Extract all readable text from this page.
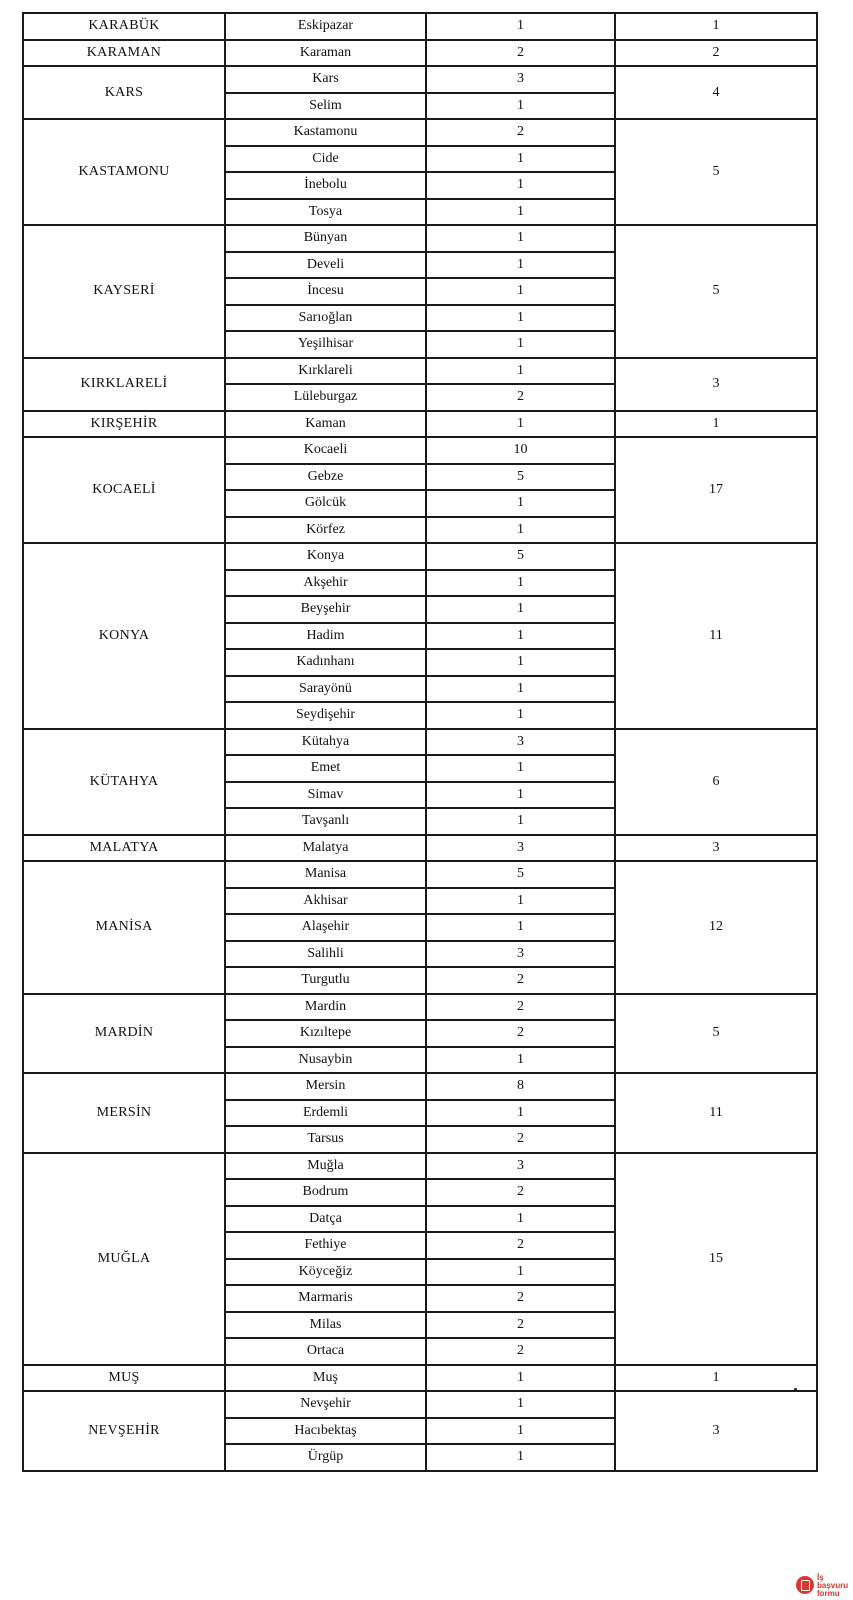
KARABÜK	Eskipazar	1	1
KARAMAN	Karaman	2	2
KARS	Kars	3	4
	Selim	1	
KASTAMONU	Kastamonu	2	5
	Cide	1	
	İnebolu	1	
	Tosya	1	
KAYSERİ	Bünyan	1	5
	Develi	1	
	İncesu	1	
	Sarıoğlan	1	
	Yeşilhisar	1	
KIRKLARELİ	Kırklareli	1	3
	Lüleburgaz	2	
KIRŞEHİR	Kaman	1	1
KOCAELİ	Kocaeli	10	17
	Gebze	5	
	Gölcük	1	
	Körfez	1	
KONYA	Konya	5	11
	Akşehir	1	
	Beyşehir	1	
	Hadim	1	
	Kadınhanı	1	
	Sarayönü	1	
	Seydişehir	1	
KÜTAHYA	Kütahya	3	6
	Emet	1	
	Simav	1	
	Tavşanlı	1	
MALATYA	Malatya	3	3
MANİSA	Manisa	5	12
	Akhisar	1	
	Alaşehir	1	
	Salihli	3	
	Turgutlu	2	
MARDİN	Mardin	2	5
	Kızıltepe	2	
	Nusaybin	1	
MERSİN	Mersin	8	11
	Erdemli	1	
	Tarsus	2	
MUĞLA	Muğla	3	15
	Bodrum	2	
	Datça	1	
	Fethiye	2	
	Köyceğiz	1	
	Marmaris	2	
	Milas	2	
	Ortaca	2	
MUŞ	Muş	1	1
NEVŞEHİR	Nevşehir	1	3
	Hacıbektaş	1	
	Ürgüp	1	
İş
başvuru
formu
